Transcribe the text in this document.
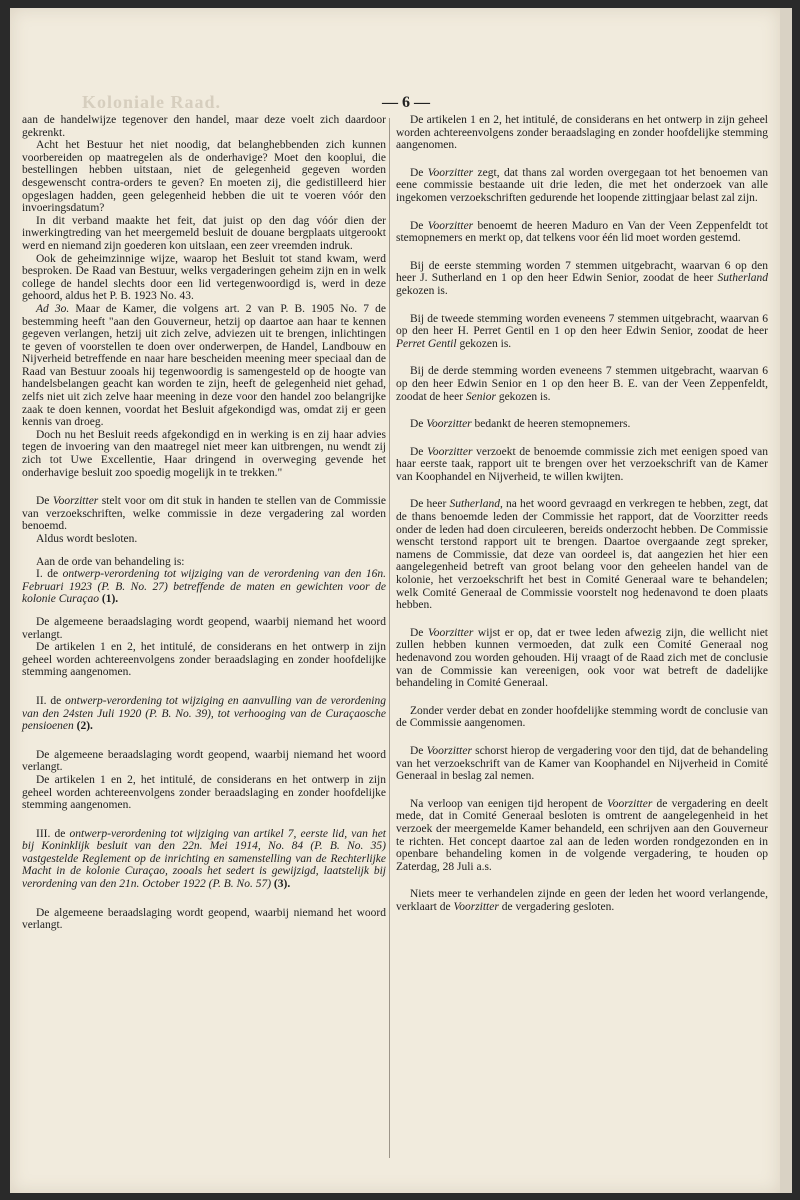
Koloniale Raad.	— 6 —

aan de handelwijze tegenover den handel, maar deze voelt zich daardoor gekrenkt.

Acht het Bestuur het niet noodig, dat belanghebbenden zich kunnen voorbereiden op maatregelen als de onderhavige? Moet den kooplui, die bestellingen hebben uitstaan, niet de gelegenheid gegeven worden desgewenscht contra-orders te geven? En moeten zij, die gedistilleerd hier opgeslagen hadden, geen gelegenheid hebben die uit te voeren vóór den invoeringsdatum?

In dit verband maakte het feit, dat juist op den dag vóór dien der inwerkingtreding van het meergemeld besluit de douane bergplaats uitgerookt werd en niemand zijn goederen kon uitslaan, een zeer vreemden indruk.

Ook de geheimzinnige wijze, waarop het Besluit tot stand kwam, werd besproken. De Raad van Bestuur, welks vergaderingen geheim zijn en in welk college de handel slechts door een lid vertegenwoordigd is, werd in deze gehoord, aldus het P. B. 1923 No. 43.

Ad 3o. Maar de Kamer, die volgens art. 2 van P. B. 1905 No. 7 de bestemming heeft "aan den Gouverneur, hetzij op daartoe aan haar te kennen gegeven verlangen, hetzij uit zich zelve, adviezen uit te brengen, inlichtingen te geven of voorstellen te doen over onderwerpen, de Handel, Landbouw en Nijverheid betreffende en naar hare bescheiden meening meer speciaal dan de Raad van Bestuur zooals hij tegenwoordig is samengesteld op de hoogte van handelsbelangen geacht kan worden te zijn, heeft de gelegenheid niet gehad, zelfs niet uit zich zelve haar meening in deze voor den handel zoo belangrijke zaak te doen kennen, voordat het Besluit afgekondigd was, omdat zij er geen kennis van droeg.

Doch nu het Besluit reeds afgekondigd en in werking is en zij haar advies tegen de invoering van den maatregel niet meer kan uitbrengen, nu wendt zij zich tot Uwe Excellentie, Haar dringend in overweging gevende het onderhavige besluit zoo spoedig mogelijk in te trekken."

De Voorzitter stelt voor om dit stuk in handen te stellen van de Commissie van verzoekschriften, welke commissie in deze vergadering zal worden benoemd.

Aldus wordt besloten.

Aan de orde van behandeling is:

I. de ontwerp-verordening tot wijziging van de verordening van den 16n. Februari 1923 (P. B. No. 27) betreffende de maten en gewichten voor de kolonie Curaçao (1).

De algemeene beraadslaging wordt geopend, waarbij niemand het woord verlangt.

De artikelen 1 en 2, het intitulé, de considerans en het ontwerp in zijn geheel worden achtereenvolgens zonder beraadslaging en zonder hoofdelijke stemming aangenomen.

II. de ontwerp-verordening tot wijziging en aanvulling van de verordening van den 24sten Juli 1920 (P. B. No. 39), tot verhooging van de Curaçaosche pensioenen (2).

De algemeene beraadslaging wordt geopend, waarbij niemand het woord verlangt.

De artikelen 1 en 2, het intitulé, de considerans en het ontwerp in zijn geheel worden achtereenvolgens zonder beraadslaging en zonder hoofdelijke stemming aangenomen.

III. de ontwerp-verordening tot wijziging van artikel 7, eerste lid, van het bij Koninklijk besluit van den 22n. Mei 1914, No. 84 (P. B. No. 35) vastgestelde Reglement op de inrichting en samenstelling van de Rechterlijke Macht in de kolonie Curaçao, zooals het sedert is gewijzigd, laatstelijk bij verordening van den 21n. October 1922 (P. B. No. 57) (3).

De algemeene beraadslaging wordt geopend, waarbij niemand het woord verlangt.

De artikelen 1 en 2, het intitulé, de considerans en het ontwerp in zijn geheel worden achtereenvolgens zonder beraadslaging en zonder hoofdelijke stemming aangenomen.

De Voorzitter zegt, dat thans zal worden overgegaan tot het benoemen van eene commissie bestaande uit drie leden, die met het onderzoek van alle ingekomen verzoekschriften gedurende het loopende zittingjaar belast zal zijn.

De Voorzitter benoemt de heeren Maduro en Van der Veen Zeppenfeldt tot stemopnemers en merkt op, dat telkens voor één lid moet worden gestemd.

Bij de eerste stemming worden 7 stemmen uitgebracht, waarvan 6 op den heer J. Sutherland en 1 op den heer Edwin Senior, zoodat de heer Sutherland gekozen is.

Bij de tweede stemming worden eveneens 7 stemmen uitgebracht, waarvan 6 op den heer H. Perret Gentil en 1 op den heer Edwin Senior, zoodat de heer Perret Gentil gekozen is.

Bij de derde stemming worden eveneens 7 stemmen uitgebracht, waarvan 6 op den heer Edwin Senior en 1 op den heer B. E. van der Veen Zeppenfeldt, zoodat de heer Senior gekozen is.

De Voorzitter bedankt de heeren stemopnemers.

De Voorzitter verzoekt de benoemde commissie zich met eenigen spoed van haar eerste taak, rapport uit te brengen over het verzoekschrift van de Kamer van Koophandel en Nijverheid, te willen kwijten.

De heer Sutherland, na het woord gevraagd en verkregen te hebben, zegt, dat de thans benoemde leden der Commissie het rapport, dat de Voorzitter reeds onder de leden had doen circuleeren, bereids onderzocht hebben. De Commissie wenscht terstond rapport uit te brengen. Daartoe overgaande zegt spreker, namens de Commissie, dat deze van oordeel is, dat aangezien het hier een aangelegenheid betreft van groot belang voor den geheelen handel van de kolonie, het verzoekschrift het best in Comité Generaal ware te behandelen; welk Comité Generaal de Commissie voorstelt nog hedenavond te doen plaats hebben.

De Voorzitter wijst er op, dat er twee leden afwezig zijn, die wellicht niet zullen hebben kunnen vermoeden, dat zulk een Comité Generaal nog hedenavond zou worden gehouden. Hij vraagt of de Raad zich met de conclusie van de Commissie kan vereenigen, ook voor wat betreft de dadelijke behandeling in Comité Generaal.

Zonder verder debat en zonder hoofdelijke stemming wordt de conclusie van de Commissie aangenomen.

De Voorzitter schorst hierop de vergadering voor den tijd, dat de behandeling van het verzoekschrift van de Kamer van Koophandel en Nijverheid in Comité Generaal in beslag zal nemen.

Na verloop van eenigen tijd heropent de Voorzitter de vergadering en deelt mede, dat in Comité Generaal besloten is omtrent de aangelegenheid in het verzoek der meergemelde Kamer behandeld, een schrijven aan den Gouverneur te richten. Het concept daartoe zal aan de leden worden rondgezonden en in openbare behandeling komen in de volgende vergadering, te houden op Zaterdag, 28 Juli a.s.

Niets meer te verhandelen zijnde en geen der leden het woord verlangende, verklaart de Voorzitter de vergadering gesloten.
